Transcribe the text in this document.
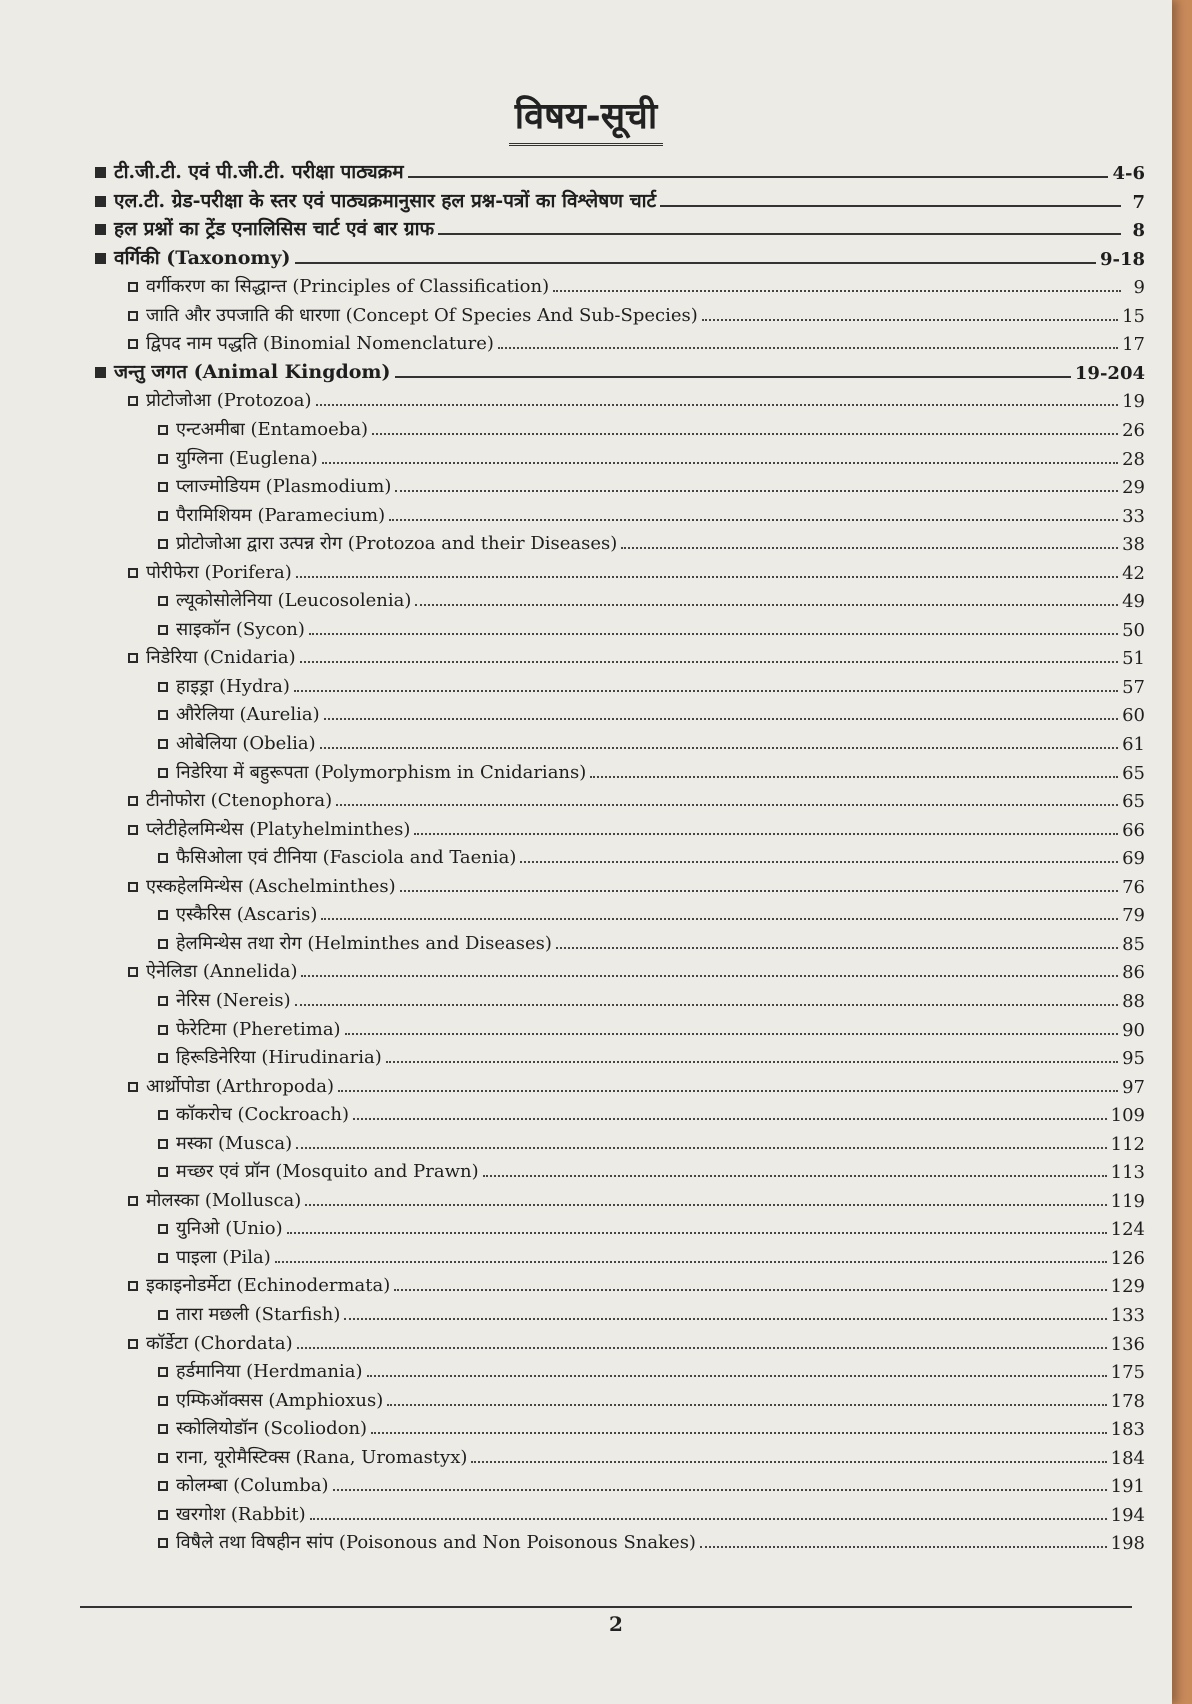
विषय-सूची
टी.जी.टी. एवं पी.जी.टी. परीक्षा पाठ्यक्रम	4-6
एल.टी. ग्रेड-परीक्षा के स्तर एवं पाठ्यक्रमानुसार हल प्रश्न-पत्रों का विश्लेषण चार्ट	7
हल प्रश्नों का ट्रेंड एनालिसिस चार्ट एवं बार ग्राफ	8
वर्गिकी (Taxonomy)	9-18
वर्गीकरण का सिद्धान्त (Principles of Classification)	9
जाति और उपजाति की धारणा (Concept Of Species And Sub-Species)	15
द्विपद नाम पद्धति (Binomial Nomenclature)	17
जन्तु जगत (Animal Kingdom)	19-204
प्रोटोजोआ (Protozoa)	19
एन्टअमीबा (Entamoeba)	26
युग्लिना (Euglena)	28
प्लाज्मोडियम (Plasmodium)	29
पैरामिशियम (Paramecium)	33
प्रोटोजोआ द्वारा उत्पन्न रोग (Protozoa and their Diseases)	38
पोरीफेरा (Porifera)	42
ल्यूकोसोलेनिया (Leucosolenia)	49
साइकॉन (Sycon)	50
निडेरिया (Cnidaria)	51
हाइड्रा (Hydra)	57
औरेलिया (Aurelia)	60
ओबेलिया (Obelia)	61
निडेरिया में बहुरूपता (Polymorphism in Cnidarians)	65
टीनोफोरा (Ctenophora)	65
प्लेटीहेलमिन्थेस (Platyhelminthes)	66
फैसिओला एवं टीनिया (Fasciola and Taenia)	69
एस्कहेलमिन्थेस (Aschelminthes)	76
एस्कैरिस (Ascaris)	79
हेलमिन्थेस तथा रोग (Helminthes and Diseases)	85
ऐनेलिडा (Annelida)	86
नेरिस (Nereis)	88
फेरेटिमा (Pheretima)	90
हिरूडिनेरिया (Hirudinaria)	95
आर्थ्रोपोडा (Arthropoda)	97
कॉकरोच (Cockroach)	109
मस्का (Musca)	112
मच्छर एवं प्रॉन (Mosquito and Prawn)	113
मोलस्का (Mollusca)	119
युनिओ (Unio)	124
पाइला (Pila)	126
इकाइनोडर्मेटा (Echinodermata)	129
तारा मछली (Starfish)	133
कॉर्डेटा (Chordata)	136
हर्डमानिया (Herdmania)	175
एम्फिऑक्सस (Amphioxus)	178
स्कोलियोडॉन (Scoliodon)	183
राना, यूरोमैस्टिक्स (Rana, Uromastyx)	184
कोलम्बा (Columba)	191
खरगोश (Rabbit)	194
विषैले तथा विषहीन सांप (Poisonous and Non Poisonous Snakes)	198
2
